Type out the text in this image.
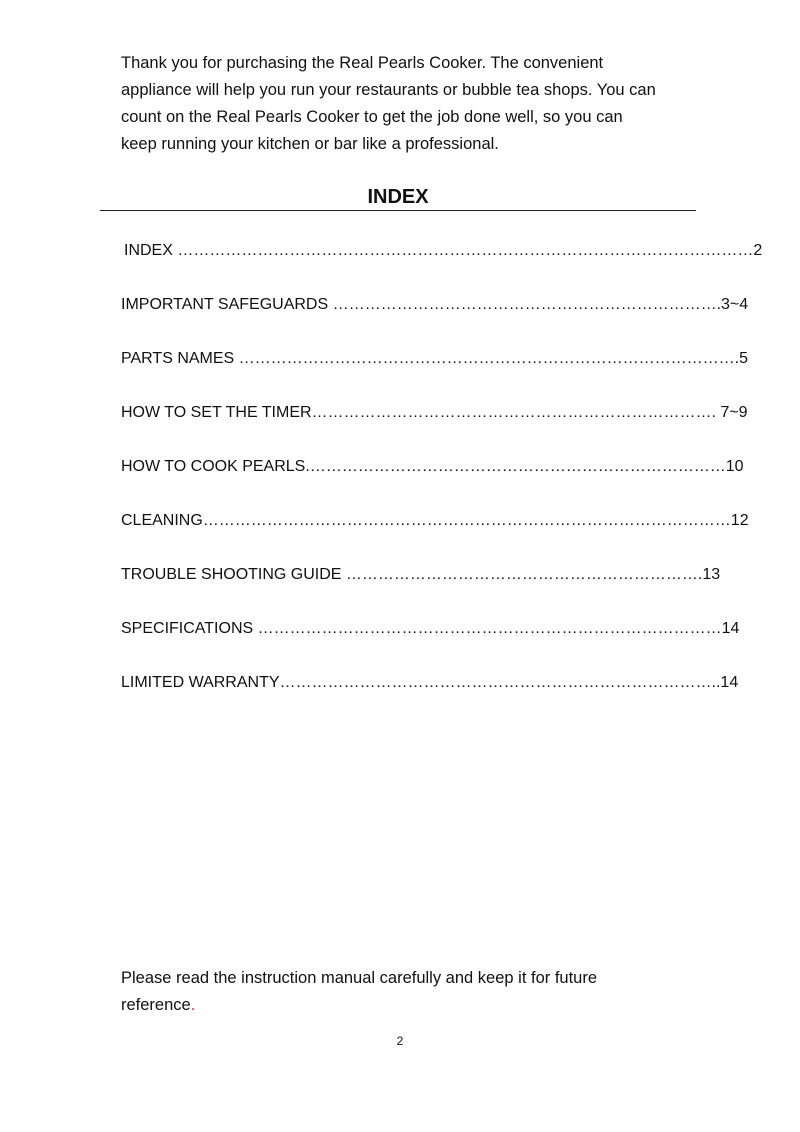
Thank you for purchasing the Real Pearls Cooker. The convenient
appliance will help you run your restaurants or bubble tea shops. You can
count on the Real Pearls Cooker to get the job done well, so you can
keep running your kitchen or bar like a professional.
INDEX
INDEX ………………………………………………………………………………………………2
IMPORTANT SAFEGUARDS ……………………………………………………………….3~4
PARTS NAMES ………………………………………………………………………………….5
HOW TO SET THE TIMER…………………………………………………………………. 7~9
HOW TO COOK PEARLS.……………………………………………………………………10
CLEANING………………………………………………………………………………………12
TROUBLE SHOOTING GUIDE ………………………………………………………….13
SPECIFICATIONS ……………………………………………………………………………14
LIMITED WARRANTY………………………………………………………………………..14
Please read the instruction manual carefully and keep it for future
reference.
2
